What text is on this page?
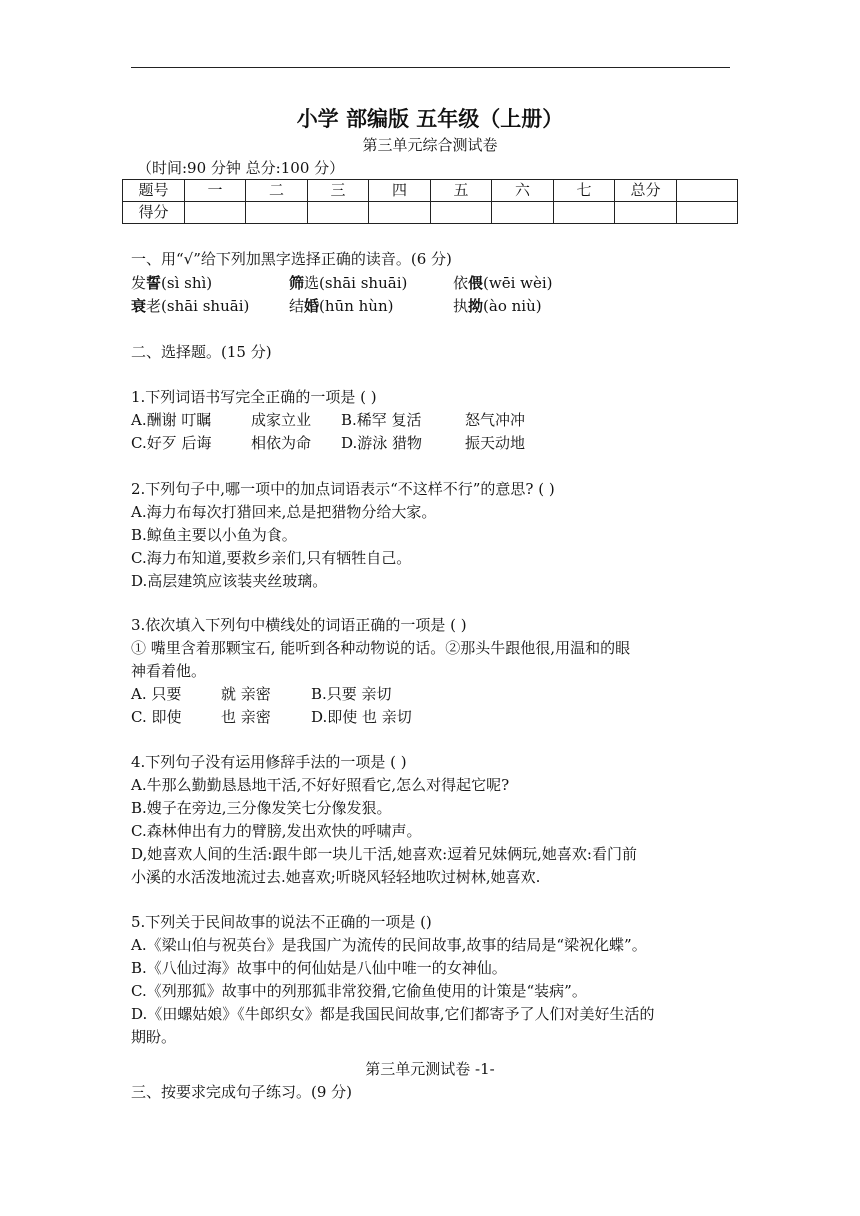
小学 部编版 五年级（上册）
第三单元综合测试卷
（时间:90 分钟 总分:100 分）
题号	一	二	三	四	五	六	七	总分	
得分									
一、用“√”给下列加黑字选择正确的读音。(6 分)
发誓(sì shì)	筛选(shāi shuāi)	依偎(wēi wèi)
衰老(shāi shuāi)	结婚(hūn hùn)	执拗(ào niù)
二、选择题。(15 分)
1.下列词语书写完全正确的一项是 ( )
A.酬谢 叮瞩	成家立业 B.稀罕 复活	怒气冲冲
C.好歹 后诲	相依为命 D.游泳 猎物	振天动地
2.下列句子中,哪一项中的加点词语表示“不这样不行”的意思? ( )
A.海力布每次打猎回来,总是把猎物分给大家。
B.鲸鱼主要以小鱼为食。
C.海力布知道,要救乡亲们,只有牺牲自己。
D.高层建筑应该装夹丝玻璃。
3.依次填入下列句中横线处的词语正确的一项是 ( )
① 嘴里含着那颗宝石, 能听到各种动物说的话。②那头牛跟他很,用温和的眼
神看着他。
A. 只要	就 亲密	B.只要 亲切
C. 即使	也 亲密	D.即使 也 亲切
4.下列句子没有运用修辞手法的一项是 ( )
A.牛那么勤勤恳恳地干活,不好好照看它,怎么对得起它呢?
B.嫂子在旁边,三分像发笑七分像发狠。
C.森林伸出有力的臂膀,发出欢快的呼啸声。
D,她喜欢人间的生活:跟牛郎一块儿干活,她喜欢:逗着兄妹俩玩,她喜欢:看门前
小溪的水活泼地流过去.她喜欢;听晓风轻轻地吹过树林,她喜欢.
5.下列关于民间故事的说法不正确的一项是 ()
A.《梁山伯与祝英台》是我国广为流传的民间故事,故事的结局是“梁祝化蝶”。
B.《八仙过海》故事中的何仙姑是八仙中唯一的女神仙。
C.《列那狐》故事中的列那狐非常狡猾,它偷鱼使用的计策是“装病”。
D.《田螺姑娘》《牛郎织女》都是我国民间故事,它们都寄予了人们对美好生活的
期盼。
第三单元测试卷 -1-
三、按要求完成句子练习。(9 分)
